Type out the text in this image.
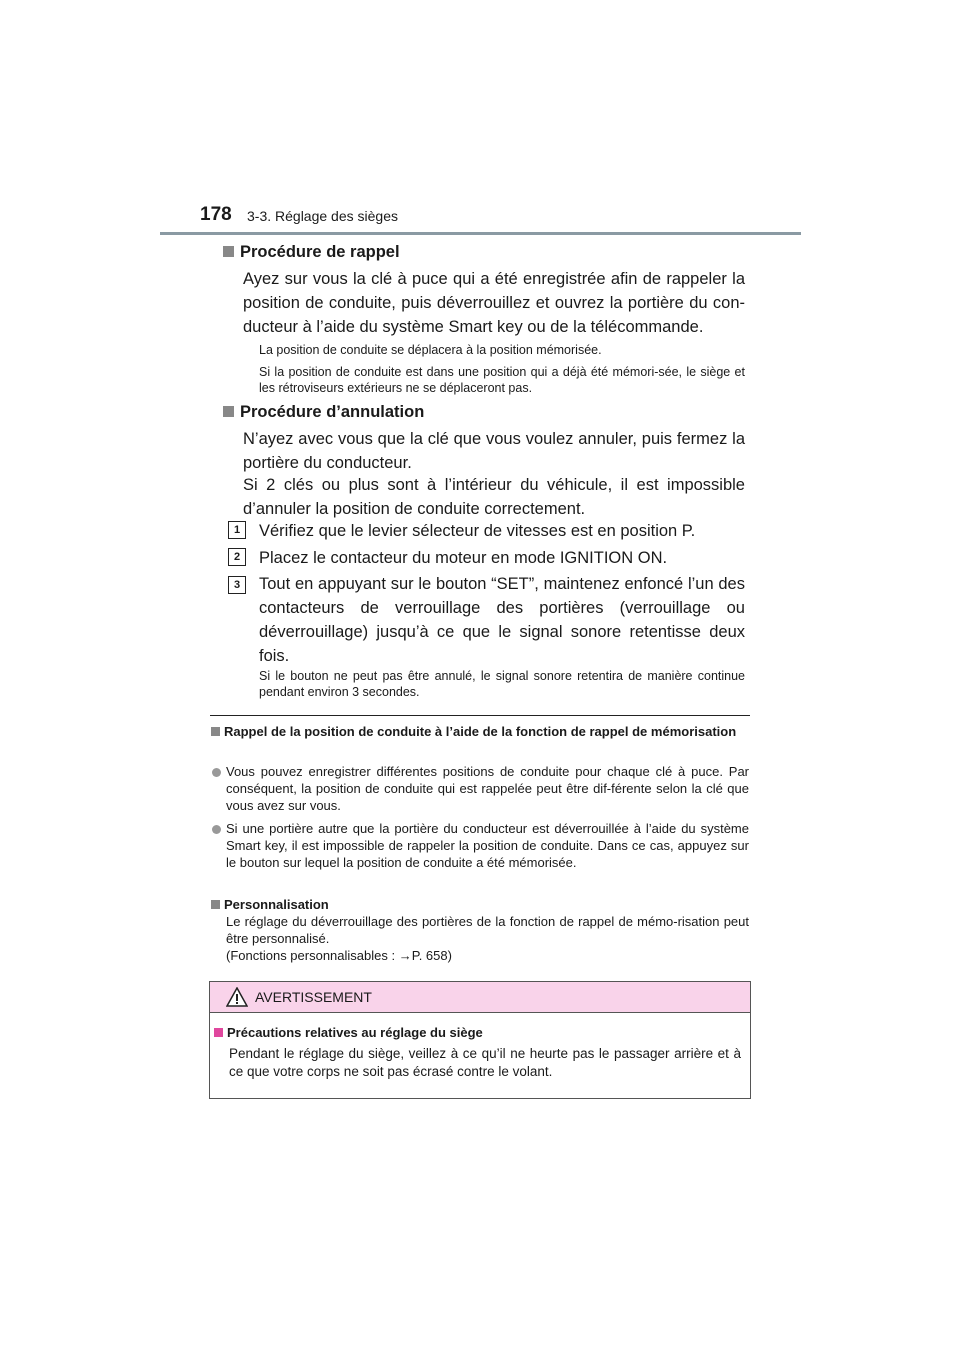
178 3-3. Réglage des sièges
Procédure de rappel
Ayez sur vous la clé à puce qui a été enregistrée afin de rappeler la position de conduite, puis déverrouillez et ouvrez la portière du con-ducteur à l’aide du système Smart key ou de la télécommande.
La position de conduite se déplacera à la position mémorisée.
Si la position de conduite est dans une position qui a déjà été mémori-sée, le siège et les rétroviseurs extérieurs ne se déplaceront pas.
Procédure d’annulation
N’ayez avec vous que la clé que vous voulez annuler, puis fermez la portière du conducteur.
Si 2 clés ou plus sont à l’intérieur du véhicule, il est impossible d’annuler la position de conduite correctement.
1	Vérifiez que le levier sélecteur de vitesses est en position P.
2	Placez le contacteur du moteur en mode IGNITION ON.
3	Tout en appuyant sur le bouton “SET”, maintenez enfoncé l’un des contacteurs de verrouillage des portières (verrouillage ou déverrouillage) jusqu’à ce que le signal sonore retentisse deux fois.
Si le bouton ne peut pas être annulé, le signal sonore retentira de manière continue pendant environ 3 secondes.
Rappel de la position de conduite à l’aide de la fonction de rappel de mémorisation
Vous pouvez enregistrer différentes positions de conduite pour chaque clé à puce. Par conséquent, la position de conduite qui est rappelée peut être dif-férente selon la clé que vous avez sur vous.
Si une portière autre que la portière du conducteur est déverrouillée à l’aide du système Smart key, il est impossible de rappeler la position de conduite. Dans ce cas, appuyez sur le bouton sur lequel la position de conduite a été mémorisée.
Personnalisation
Le réglage du déverrouillage des portières de la fonction de rappel de mémo-risation peut être personnalisé.
(Fonctions personnalisables : →P. 658)
AVERTISSEMENT
Précautions relatives au réglage du siège
Pendant le réglage du siège, veillez à ce qu’il ne heurte pas le passager arrière et à ce que votre corps ne soit pas écrasé contre le volant.
